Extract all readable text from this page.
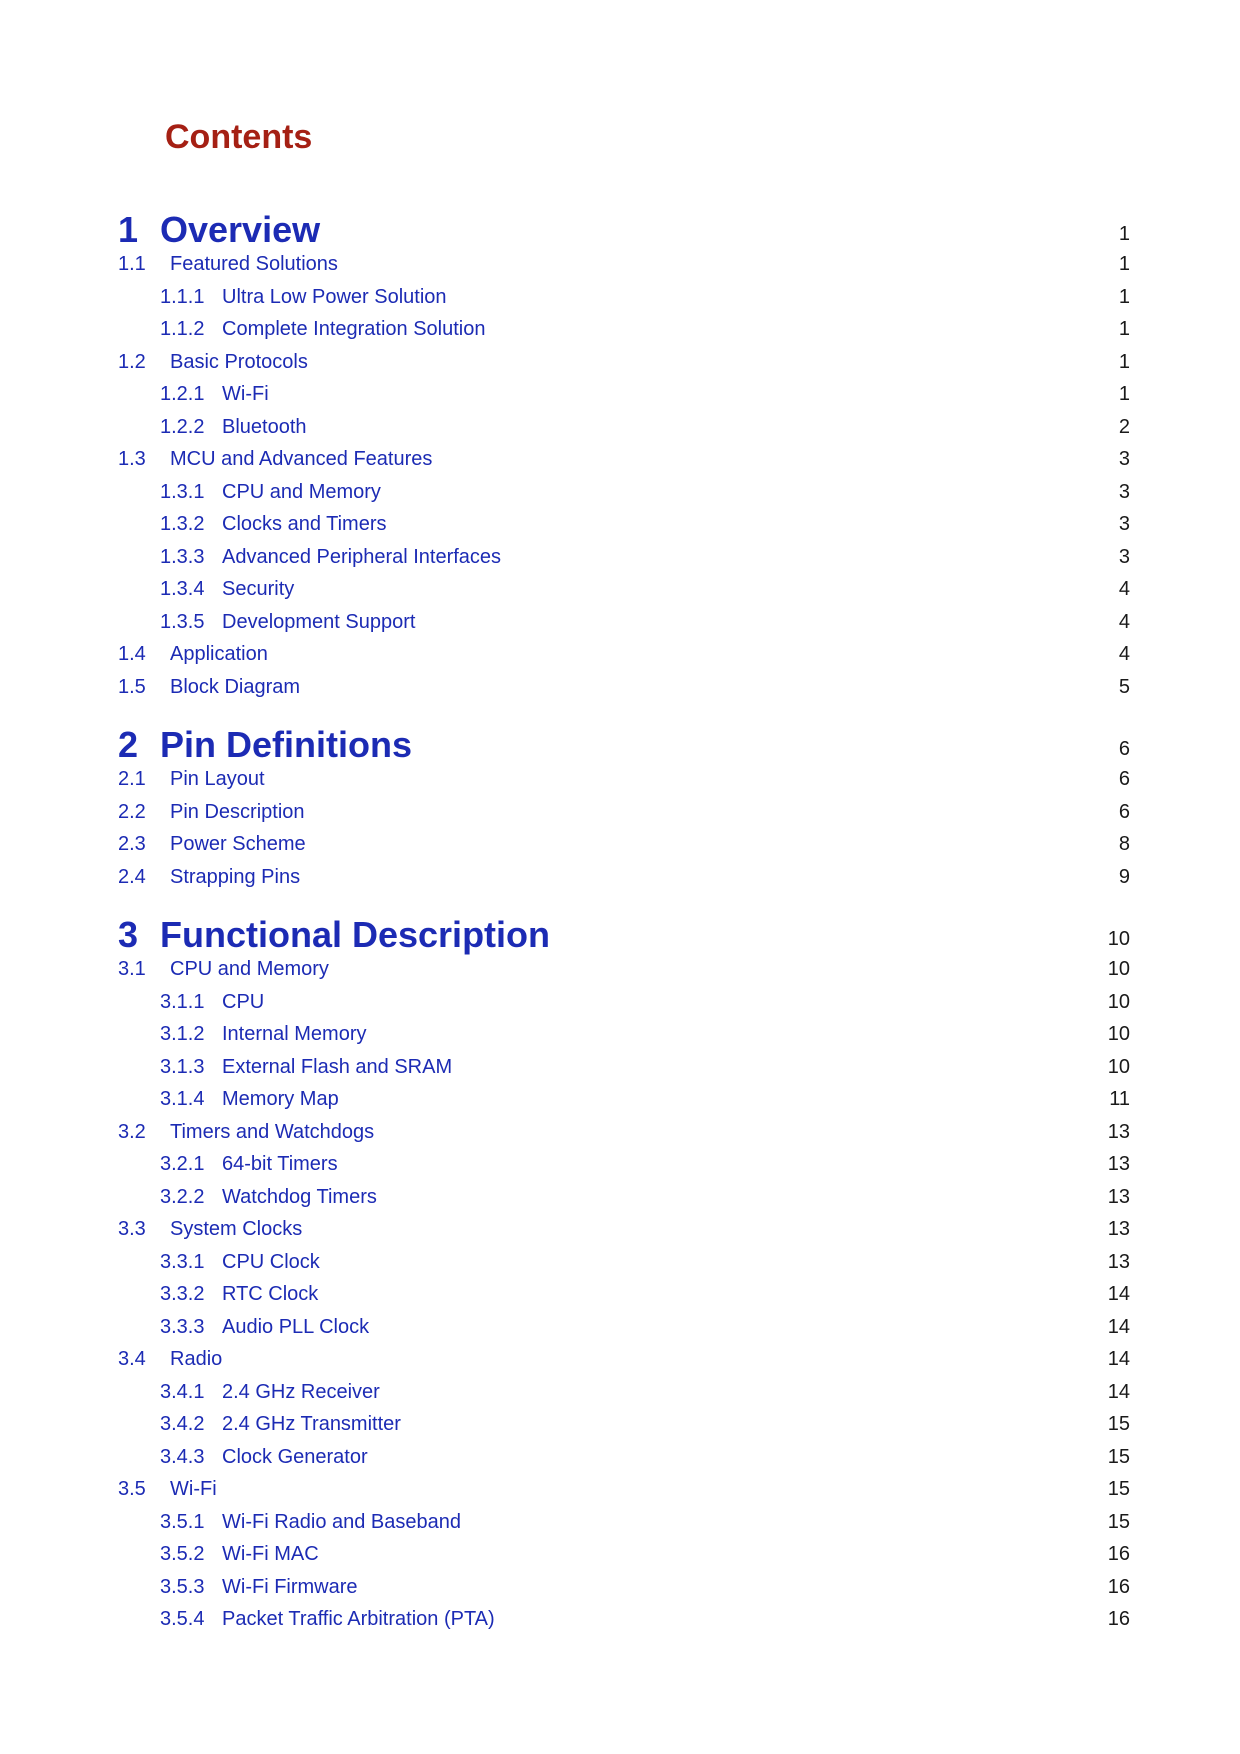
Contents
1 Overview	1
1.1 Featured Solutions	1
1.1.1 Ultra Low Power Solution	1
1.1.2 Complete Integration Solution	1
1.2 Basic Protocols	1
1.2.1 Wi-Fi	1
1.2.2 Bluetooth	2
1.3 MCU and Advanced Features	3
1.3.1 CPU and Memory	3
1.3.2 Clocks and Timers	3
1.3.3 Advanced Peripheral Interfaces	3
1.3.4 Security	4
1.3.5 Development Support	4
1.4 Application	4
1.5 Block Diagram	5
2 Pin Definitions	6
2.1 Pin Layout	6
2.2 Pin Description	6
2.3 Power Scheme	8
2.4 Strapping Pins	9
3 Functional Description	10
3.1 CPU and Memory	10
3.1.1 CPU	10
3.1.2 Internal Memory	10
3.1.3 External Flash and SRAM	10
3.1.4 Memory Map	11
3.2 Timers and Watchdogs	13
3.2.1 64-bit Timers	13
3.2.2 Watchdog Timers	13
3.3 System Clocks	13
3.3.1 CPU Clock	13
3.3.2 RTC Clock	14
3.3.3 Audio PLL Clock	14
3.4 Radio	14
3.4.1 2.4 GHz Receiver	14
3.4.2 2.4 GHz Transmitter	15
3.4.3 Clock Generator	15
3.5 Wi-Fi	15
3.5.1 Wi-Fi Radio and Baseband	15
3.5.2 Wi-Fi MAC	16
3.5.3 Wi-Fi Firmware	16
3.5.4 Packet Traffic Arbitration (PTA)	16
